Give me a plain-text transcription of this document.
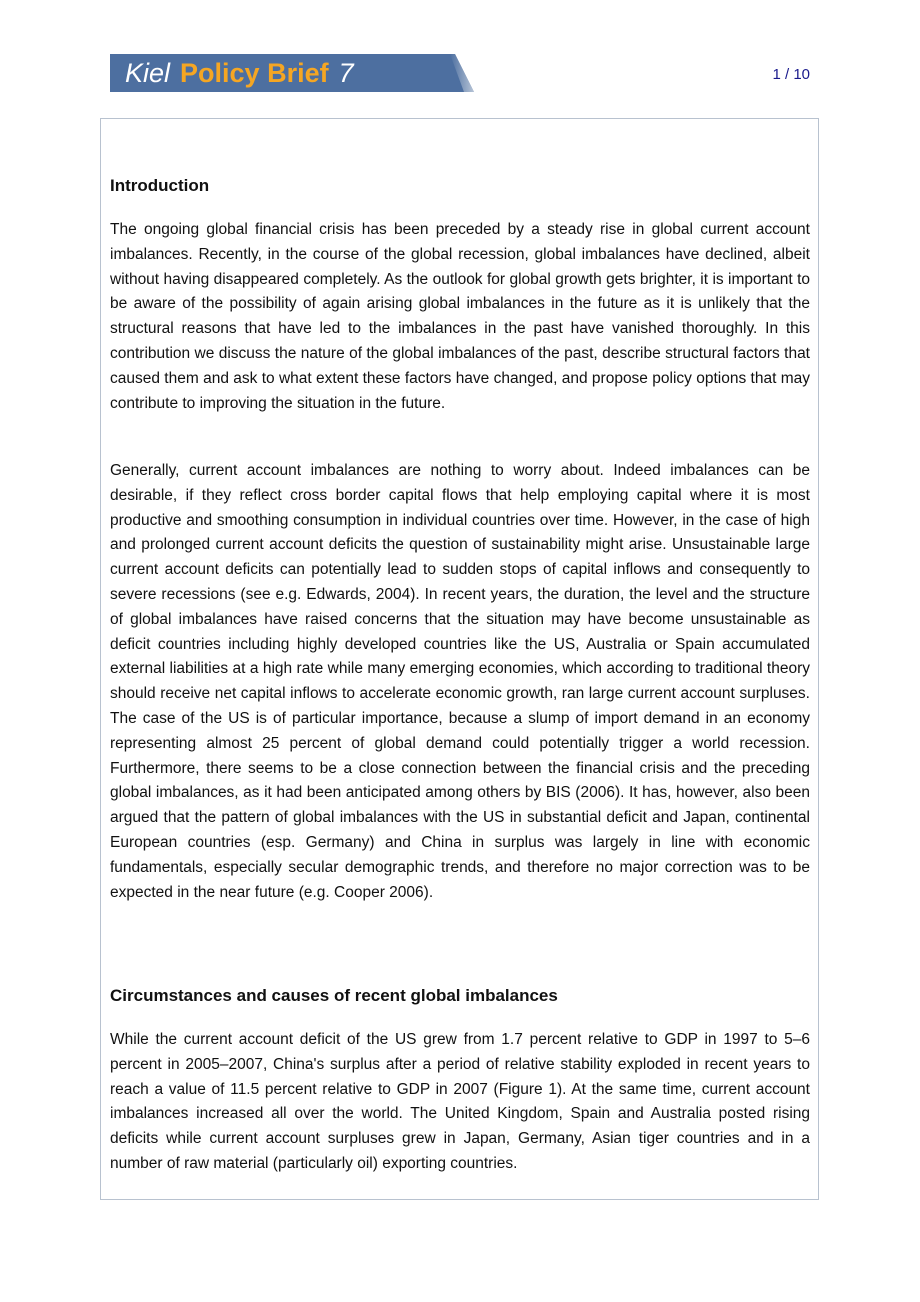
Kiel Policy Brief 7	1 / 10
Introduction

The ongoing global financial crisis has been preceded by a steady rise in global current account imbalances. Recently, in the course of the global recession, global imbalances have declined, albeit without having disappeared completely. As the outlook for global growth gets brighter, it is important to be aware of the possibility of again arising global imbalances in the future as it is unlikely that the structural reasons that have led to the imbalances in the past have vanished thoroughly. In this contribution we discuss the nature of the global imbalances of the past, describe structural factors that caused them and ask to what extent these factors have changed, and propose policy options that may contribute to improving the situation in the future.

Generally, current account imbalances are nothing to worry about. Indeed imbalances can be desirable, if they reflect cross border capital flows that help employing capital where it is most productive and smoothing consumption in individual countries over time. However, in the case of high and prolonged current account deficits the question of sustainability might arise. Unsustainable large current account deficits can potentially lead to sudden stops of capital inflows and consequently to severe recessions (see e.g. Edwards, 2004). In recent years, the duration, the level and the structure of global imbalances have raised concerns that the situation may have become unsustainable as deficit countries including highly developed countries like the US, Australia or Spain accumulated external liabilities at a high rate while many emerging economies, which according to traditional theory should receive net capital inflows to accelerate economic growth, ran large current account surpluses. The case of the US is of particular importance, because a slump of import demand in an economy representing almost 25 percent of global demand could potentially trigger a world recession. Furthermore, there seems to be a close connection between the financial crisis and the preceding global imbalances, as it had been anticipated among others by BIS (2006). It has, however, also been argued that the pattern of global imbalances with the US in substantial deficit and Japan, continental European countries (esp. Germany) and China in surplus was largely in line with economic fundamentals, especially secular demographic trends, and therefore no major correction was to be expected in the near future (e.g. Cooper 2006).

Circumstances and causes of recent global imbalances

While the current account deficit of the US grew from 1.7 percent relative to GDP in 1997 to 5–6 percent in 2005–2007, China's surplus after a period of relative stability exploded in recent years to reach a value of 11.5 percent relative to GDP in 2007 (Figure 1). At the same time, current account imbalances increased all over the world. The United Kingdom, Spain and Australia posted rising deficits while current account surpluses grew in Japan, Germany, Asian tiger countries and in a number of raw material (particularly oil) exporting countries.
